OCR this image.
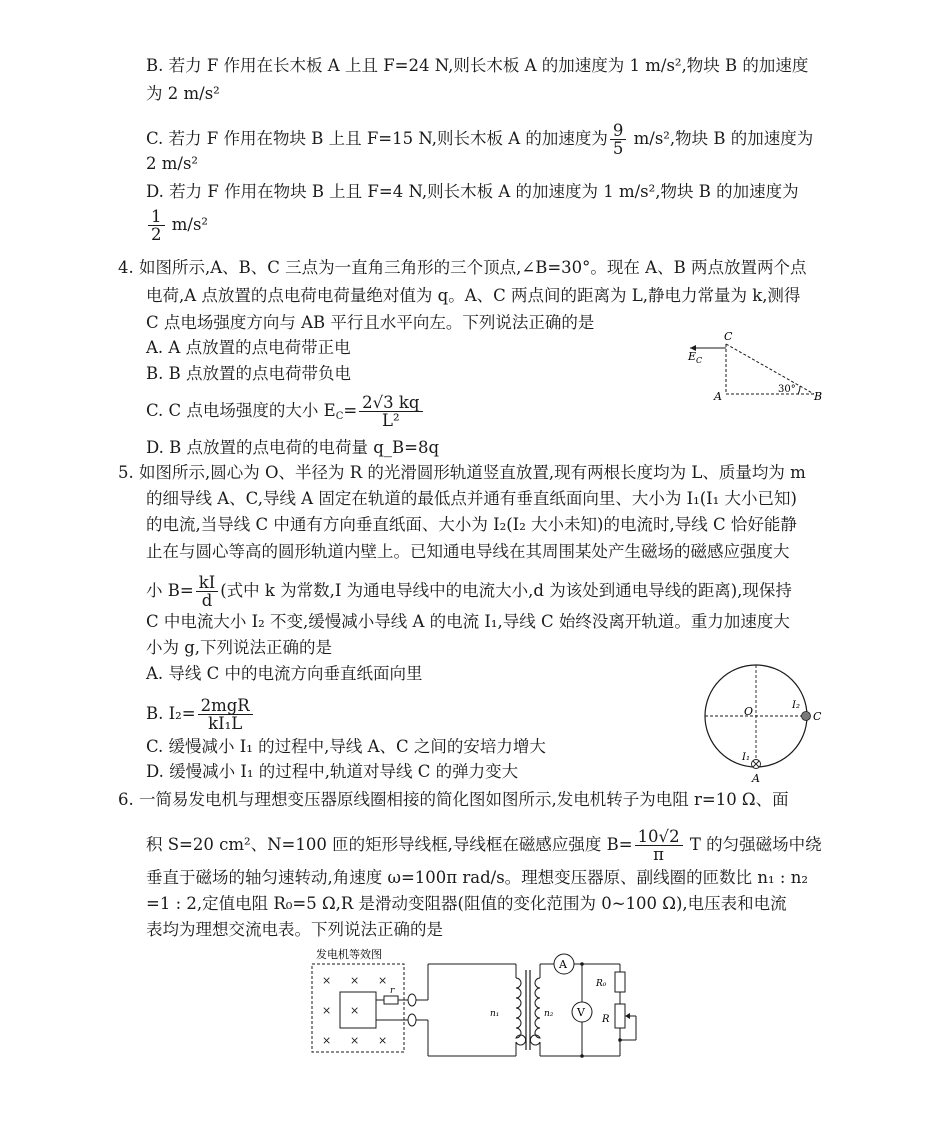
B. 若力 F 作用在长木板 A 上且 F=24 N,则长木板 A 的加速度为 1 m/s²,物块 B 的加速度
为 2 m/s²
C. 若力 F 作用在物块 B 上且 F=15 N,则长木板 A 的加速度为 $\frac{9}{5} m/s^2$,物块 B 的加速度为
2 m/s²
D. 若力 F 作用在物块 B 上且 F=4 N,则长木板 A 的加速度为 1 m/s²,物块 B 的加速度为
$\frac{1}{2} m/s^2$
4. 如图所示,A、B、C 三点为一直角三角形的三个顶点,∠B=30°。现在 A、B 两点放置两个点
电荷,A 点放置的点电荷电荷量绝对值为 q。A、C 两点间的距离为 L,静电力常量为 k,测得
C 点电场强度方向与 AB 平行且水平向左。下列说法正确的是
A. A 点放置的点电荷带正电
B. B 点放置的点电荷带负电
C. C 点电场强度的大小 $E_C= \frac{2√3 kq}{\text{L²}}$
D. B 点放置的点电荷的电荷量 q_B=8q
C
E C
A	B
30°
5. 如图所示,圆心为 O、半径为 R 的光滑圆形轨道竖直放置,现有两根长度均为 L、质量均为 m
的细导线 A、C,导线 A 固定在轨道的最低点并通有垂直纸面向里、大小为 I₁(I₁ 大小已知)
的电流,当导线 C 中通有方向垂直纸面、大小为 I₂(I₂ 大小未知)的电流时,导线 C 恰好能静
止在与圆心等高的圆形轨道内壁上。已知通电导线在其周围某处产生磁场的磁感应强度大
小 $B= \frac{kI}{d}$ (式中 k 为常数,I 为通电导线中的电流大小,d 为该处到通电导线的距离),现保持
C 中电流大小 I₂ 不变,缓慢减小导线 A 的电流 I₁,导线 C 始终没离开轨道。重力加速度大
小为 g,下列说法正确的是
A. 导线 C 中的电流方向垂直纸面向里
B. $I_2= \frac{\text{2mgR}}{\text{kI₁L}}$
C. 缓慢减小 I₁ 的过程中,导线 A、C 之间的安培力增大
D. 缓慢减小 I₁ 的过程中,轨道对导线 C 的弹力变大
O	I₂
C
I₁
A
6. 一简易发电机与理想变压器原线圈相接的简化图如图所示,发电机转子为电阻 r=10 Ω、面
积 S=20 cm²、N=100 匝的矩形导线框,导线框在磁感应强度 $B= \frac{10√2}{\pi}$ T 的匀强磁场中绕
垂直于磁场的轴匀速转动,角速度 ω=100π rad/s。理想变压器原、副线圈的匝数比 n₁ : n₂
=1 : 2,定值电阻 R₀=5 Ω,R 是滑动变阻器(阻值的变化范围为 0~100 Ω),电压表和电流
表均为理想交流电表。下列说法正确的是
发电机等效图
× × ×
× ×
× × ×
r
n₁	n₂
A
R₀
R
V
